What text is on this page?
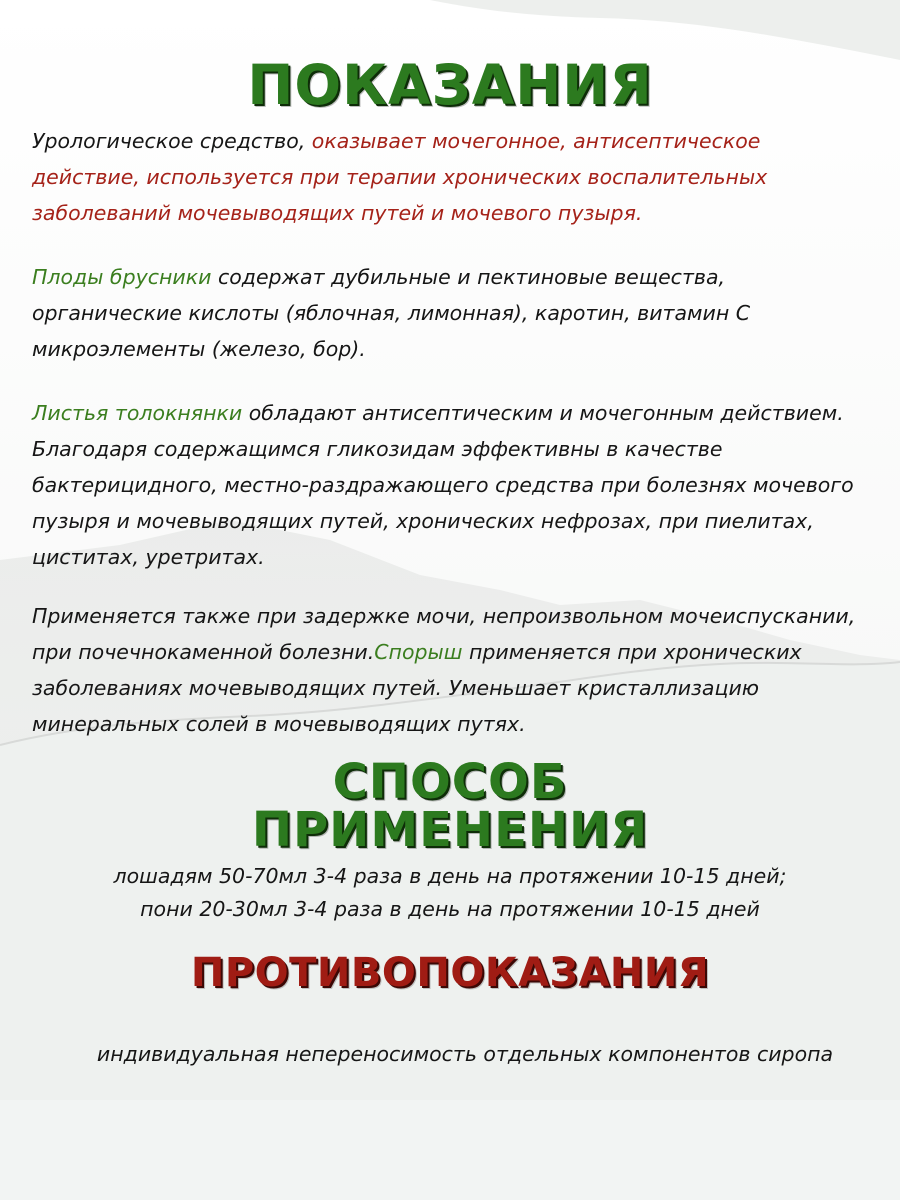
ПОКАЗАНИЯ

Урологическое средство, оказывает мочегонное, антисептическое действие, используется при терапии хронических воспалительных заболеваний мочевыводящих путей и мочевого пузыря.

Плоды брусники содержат дубильные и пектиновые вещества, органические кислоты (яблочная, лимонная), каротин, витамин С микроэлементы (железо, бор).

Листья толокнянки обладают антисептическим и мочегонным действием. Благодаря содержащимся гликозидам эффективны в качестве бактерицидного, местно-раздражающего средства при болезнях мочевого пузыря и мочевыводящих путей, хронических нефрозах, при пиелитах, циститах, уретритах.

Применяется также при задержке мочи, непроизвольном мочеиспускании, при почечнокаменной болезни.Спорыш применяется при хронических заболеваниях мочевыводящих путей. Уменьшает кристаллизацию минеральных солей в мочевыводящих путях.

СПОСОБ
ПРИМЕНЕНИЯ
лошадям 50-70мл 3-4 раза в день на протяжении 10-15 дней;
пони 20-30мл 3-4 раза в день на протяжении 10-15 дней
ПРОТИВОПОКАЗАНИЯ

индивидуальная непереносимость отдельных компонентов сиропа
